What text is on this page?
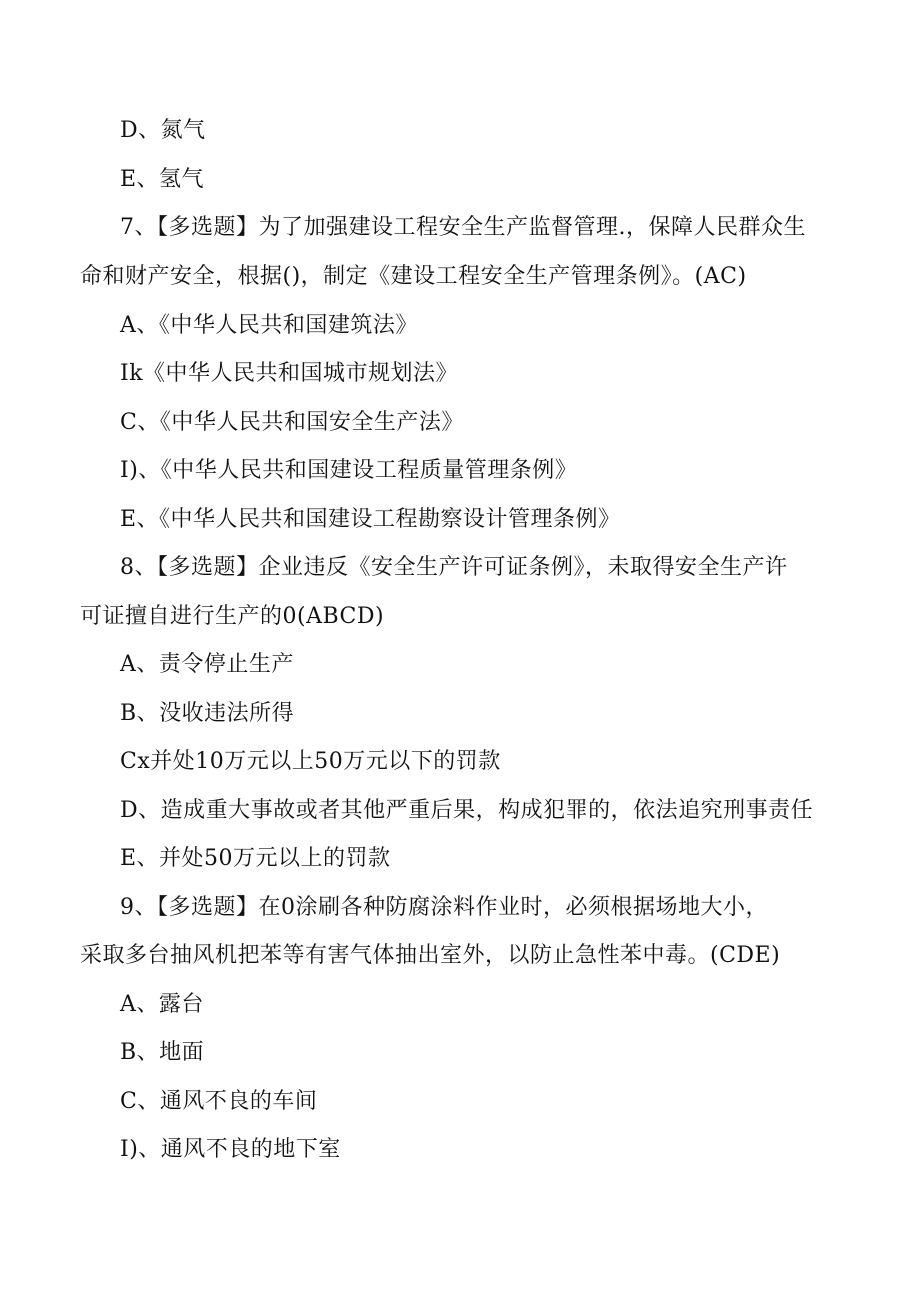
D、氮气
E、氢气
7、【多选题】为了加强建设工程安全生产监督管理.，保障人民群众生
命和财产安全，根据()，制定《建设工程安全生产管理条例》。(AC)
A、《中华人民共和国建筑法》
Ik《中华人民共和国城市规划法》
C、《中华人民共和国安全生产法》
I)、《中华人民共和国建设工程质量管理条例》
E、《中华人民共和国建设工程勘察设计管理条例》
8、【多选题】企业违反《安全生产许可证条例》，未取得安全生产许
可证擅自进行生产的0(ABCD)
A、责令停止生产
B、没收违法所得
Cx并处10万元以上50万元以下的罚款
D、造成重大事故或者其他严重后果，构成犯罪的，依法追究刑事责任
E、并处50万元以上的罚款
9、【多选题】在0涂刷各种防腐涂料作业时，必须根据场地大小，
采取多台抽风机把苯等有害气体抽出室外，以防止急性苯中毒。(CDE)
A、露台
B、地面
C、通风不良的车间
I)、通风不良的地下室
